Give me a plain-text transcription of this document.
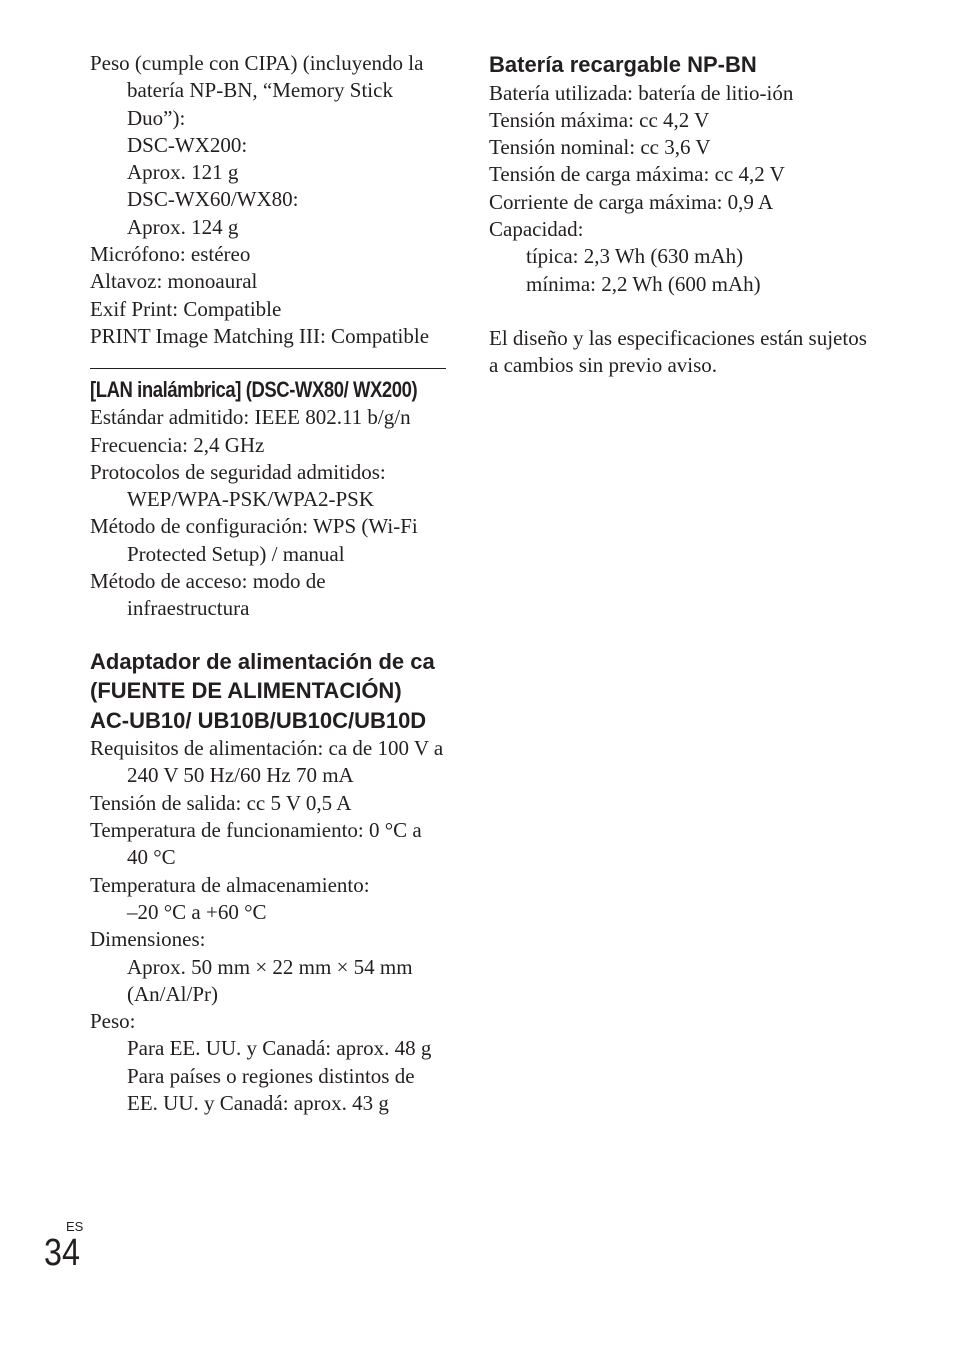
Peso (cumple con CIPA) (incluyendo la batería NP-BN, “Memory Stick Duo”):
DSC-WX200:
Aprox. 121 g
DSC-WX60/WX80:
Aprox. 124 g
Micrófono: estéreo
Altavoz: monoaural
Exif Print: Compatible
PRINT Image Matching III: Compatible
[LAN inalámbrica] (DSC-WX80/ WX200)
Estándar admitido: IEEE 802.11 b/g/n
Frecuencia: 2,4 GHz
Protocolos de seguridad admitidos:
WEP/WPA-PSK/WPA2-PSK
Método de configuración: WPS (Wi-Fi Protected Setup) / manual
Método de acceso: modo de infraestructura
Adaptador de alimentación de ca (FUENTE DE ALIMENTACIÓN) AC-UB10/ UB10B/UB10C/UB10D
Requisitos de alimentación: ca de 100 V a 240 V 50 Hz/60 Hz 70 mA
Tensión de salida: cc 5 V 0,5 A
Temperatura de funcionamiento: 0 °C a 40 °C
Temperatura de almacenamiento:
–20 °C a +60 °C
Dimensiones:
Aprox. 50 mm × 22 mm × 54 mm (An/Al/Pr)
Peso:
Para EE. UU. y Canadá: aprox. 48 g
Para países o regiones distintos de EE. UU. y Canadá: aprox. 43 g
Batería recargable NP-BN
Batería utilizada: batería de litio-ión
Tensión máxima: cc 4,2 V
Tensión nominal: cc 3,6 V
Tensión de carga máxima: cc 4,2 V
Corriente de carga máxima: 0,9 A
Capacidad:
típica: 2,3 Wh (630 mAh)
mínima: 2,2 Wh (600 mAh)
El diseño y las especificaciones están sujetos a cambios sin previo aviso.
ES
34
